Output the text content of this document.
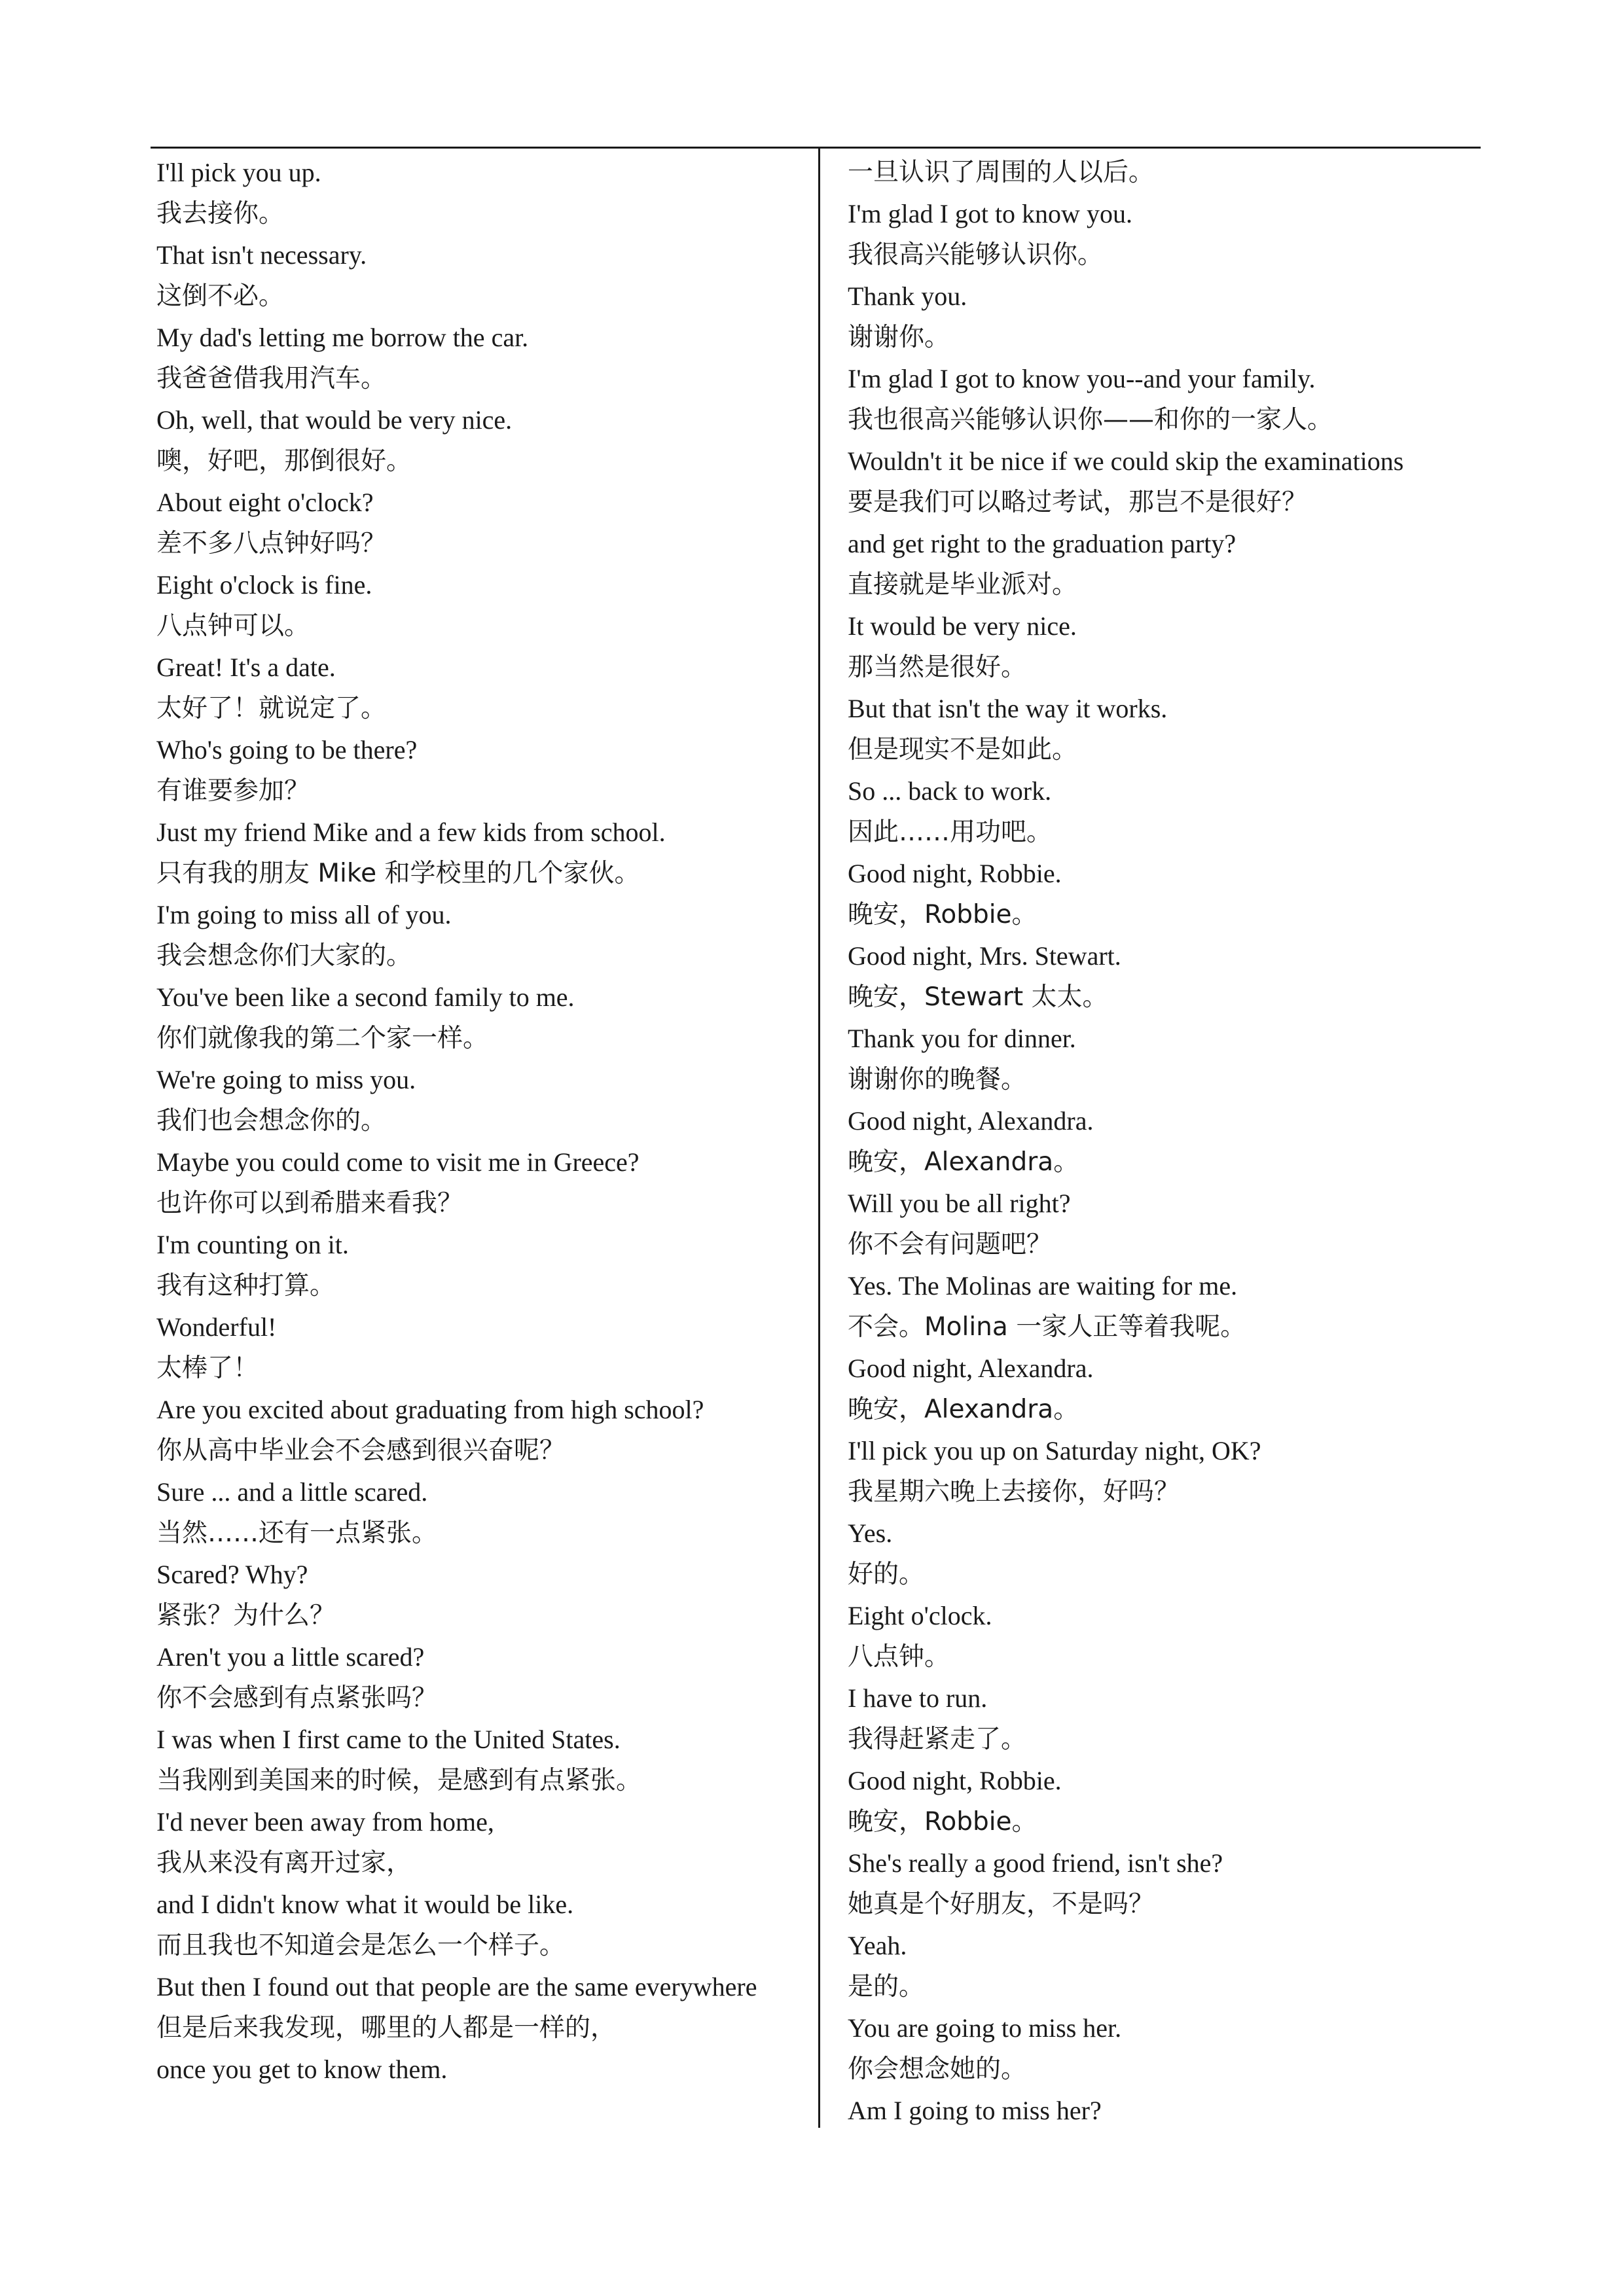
I'll pick you up.
我去接你。
That isn't necessary.
这倒不必。
My dad's letting me borrow the car.
我爸爸借我用汽车。
Oh, well, that would be very nice.
噢，好吧，那倒很好。
About eight o'clock?
差不多八点钟好吗？
Eight o'clock is fine.
八点钟可以。
Great! It's a date.
太好了！就说定了。
Who's going to be there?
有谁要参加？
Just my friend Mike and a few kids from school.
只有我的朋友 Mike 和学校里的几个家伙。
I'm going to miss all of you.
我会想念你们大家的。
You've been like a second family to me.
你们就像我的第二个家一样。
We're going to miss you.
我们也会想念你的。
Maybe you could come to visit me in Greece?
也许你可以到希腊来看我？
I'm counting on it.
我有这种打算。
Wonderful!
太棒了！
Are you excited about graduating from high school?
你从高中毕业会不会感到很兴奋呢？
Sure ... and a little scared.
当然……还有一点紧张。
Scared? Why?
紧张？为什么？
Aren't you a little scared?
你不会感到有点紧张吗？
I was when I first came to the United States.
当我刚到美国来的时候，是感到有点紧张。
I'd never been away from home,
我从来没有离开过家，
and I didn't know what it would be like.
而且我也不知道会是怎么一个样子。
But then I found out that people are the same everywhere
但是后来我发现，哪里的人都是一样的，
once you get to know them.
一旦认识了周围的人以后。
I'm glad I got to know you.
我很高兴能够认识你。
Thank you.
谢谢你。
I'm glad I got to know you--and your family.
我也很高兴能够认识你——和你的一家人。
Wouldn't it be nice if we could skip the examinations
要是我们可以略过考试，那岂不是很好？
and get right to the graduation party?
直接就是毕业派对。
It would be very nice.
那当然是很好。
But that isn't the way it works.
但是现实不是如此。
So ... back to work.
因此……用功吧。
Good night, Robbie.
晚安，Robbie。
Good night, Mrs. Stewart.
晚安，Stewart 太太。
Thank you for dinner.
谢谢你的晚餐。
Good night, Alexandra.
晚安，Alexandra。
Will you be all right?
你不会有问题吧？
Yes. The Molinas are waiting for me.
不会。Molina 一家人正等着我呢。
Good night, Alexandra.
晚安，Alexandra。
I'll pick you up on Saturday night, OK?
我星期六晚上去接你，好吗？
Yes.
好的。
Eight o'clock.
八点钟。
I have to run.
我得赶紧走了。
Good night, Robbie.
晚安，Robbie。
She's really a good friend, isn't she?
她真是个好朋友，不是吗？
Yeah.
是的。
You are going to miss her.
你会想念她的。
Am I going to miss her?
